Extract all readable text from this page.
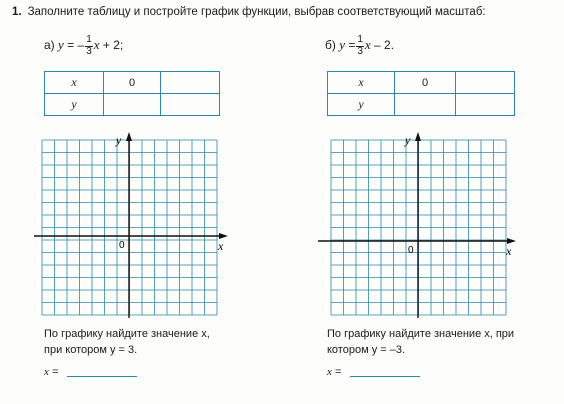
1. Заполните таблицу и постройте график функции, выбрав соответствующий масштаб:
а) y = – $\frac{1}{3}$ x + 2;
x	0	
y		
x
y
0
По графику найдите значение x,
при котором y = 3.
x =
б) $y = \frac{1}{3}$ x – 2.
x	0	
y		
x
y
0
По графику найдите значение x, при
котором y = –3.
x =
